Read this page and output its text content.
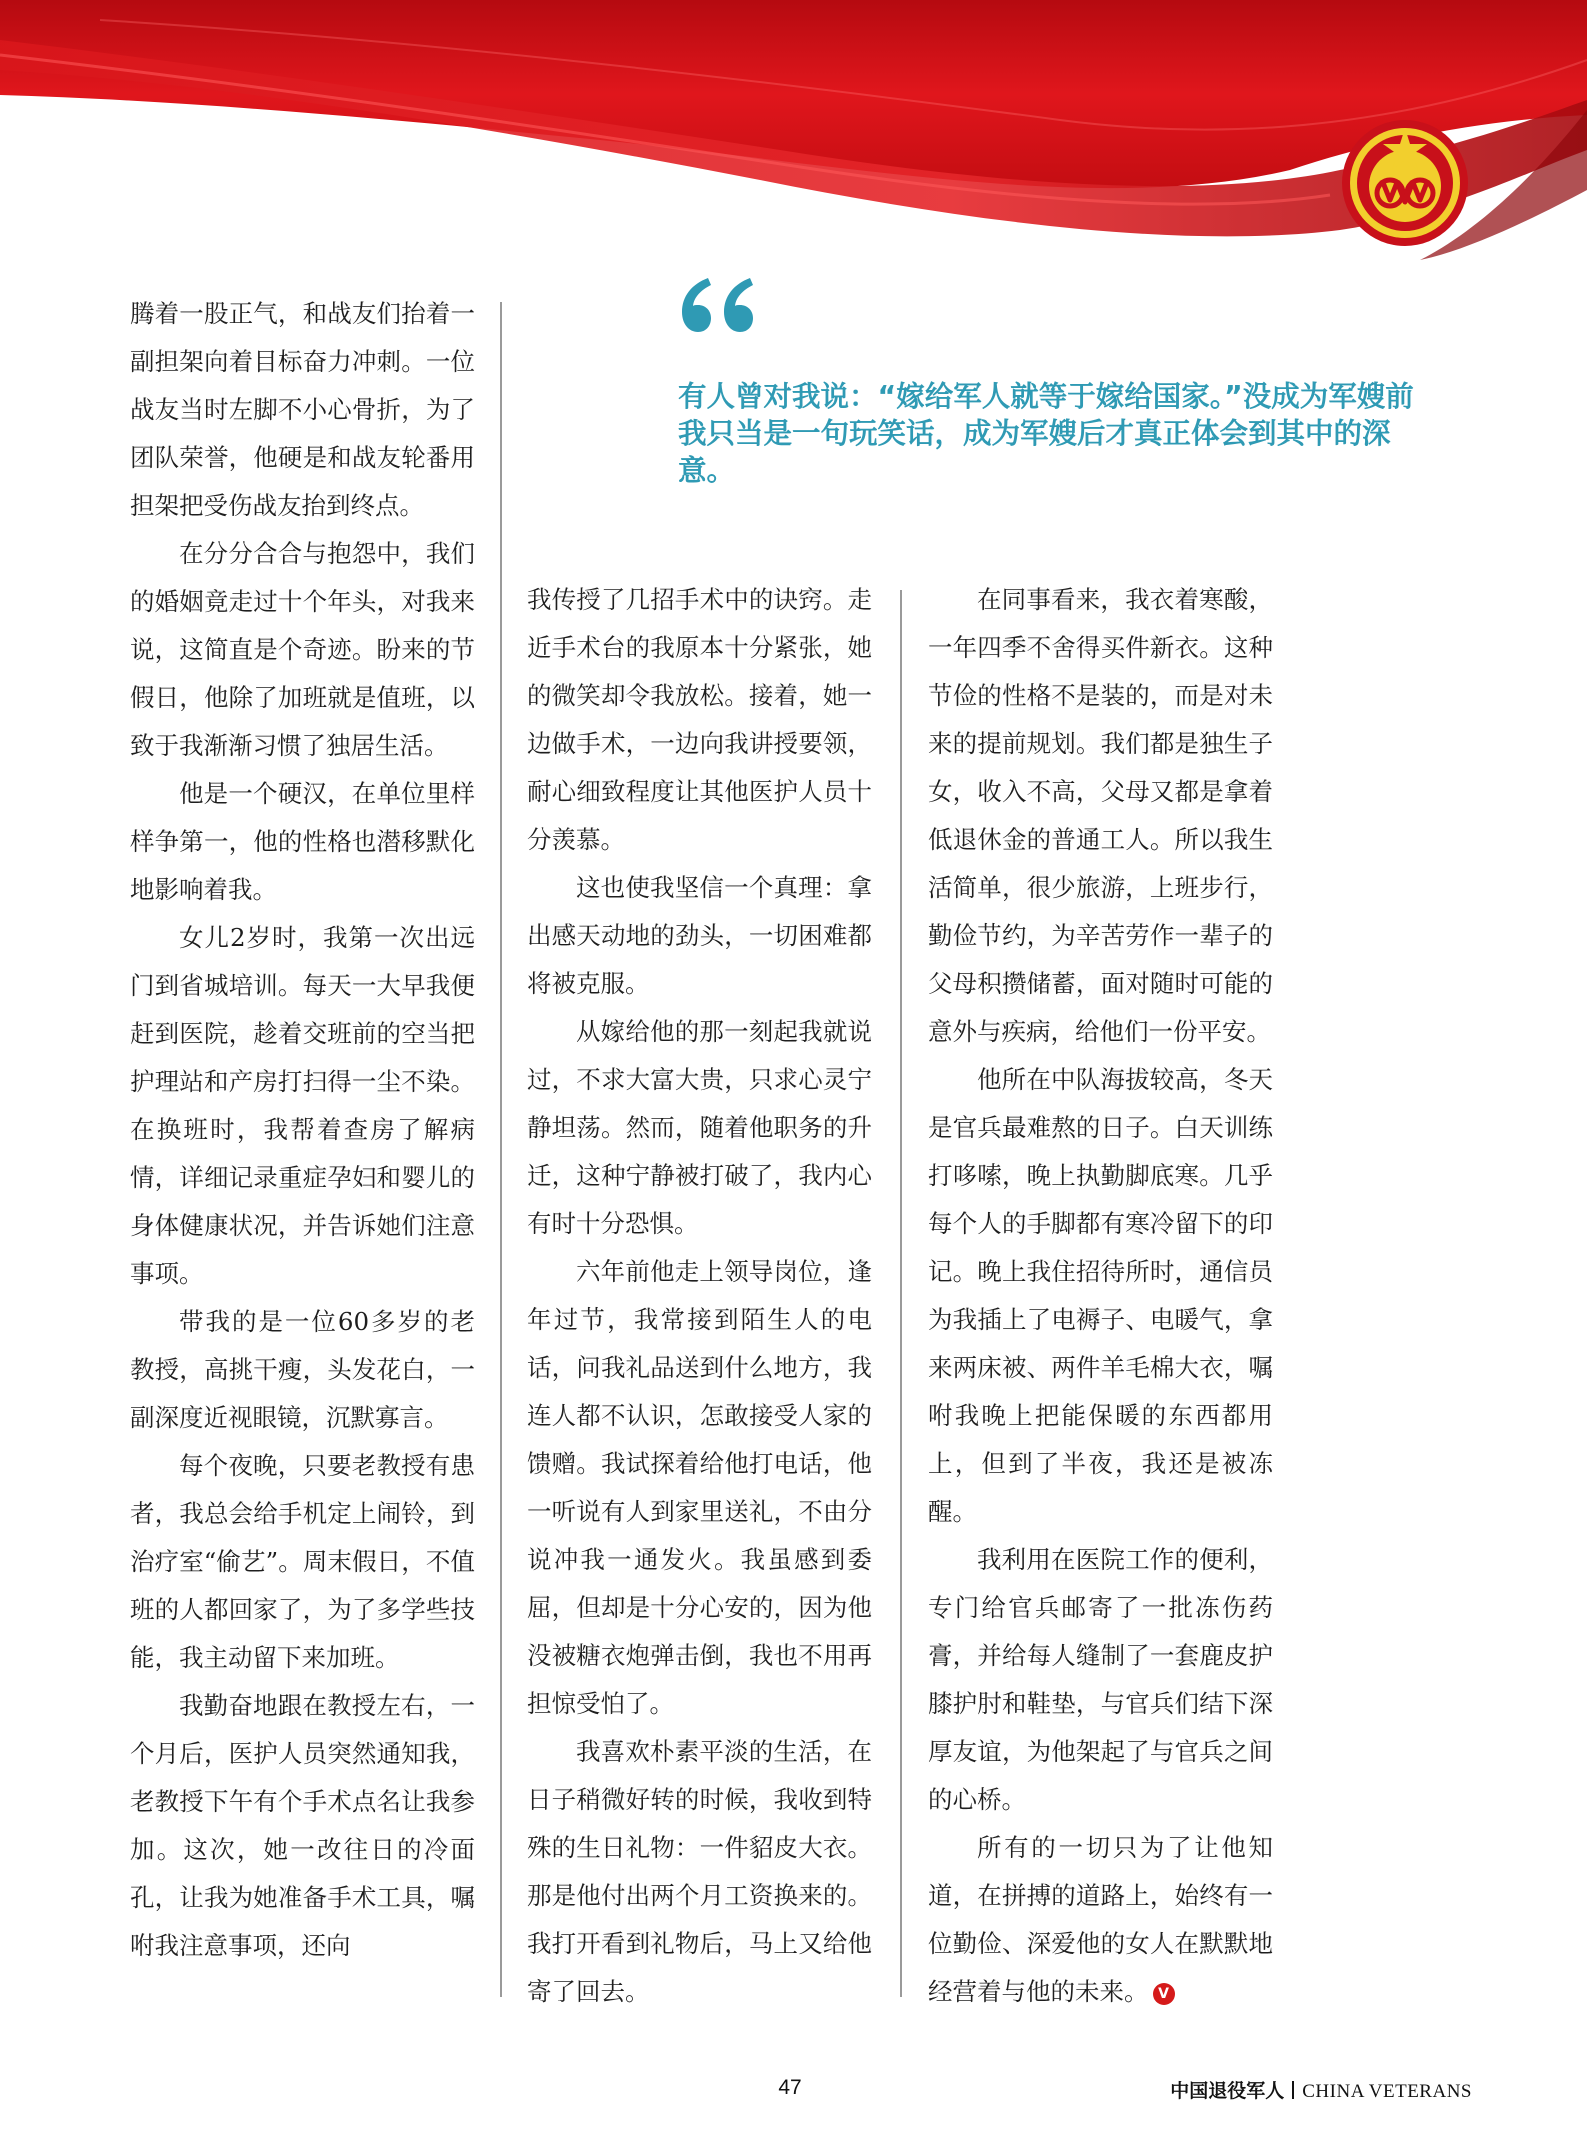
有人曾对我说：“嫁给军人就等于嫁给国家。”没成为军嫂前我只当是一句玩笑话，成为军嫂后才真正体会到其中的深意。

腾着一股正气，和战友们抬着一副担架向着目标奋力冲刺。一位战友当时左脚不小心骨折，为了团队荣誉，他硬是和战友轮番用担架把受伤战友抬到终点。

在分分合合与抱怨中，我们的婚姻竟走过十个年头，对我来说，这简直是个奇迹。盼来的节假日，他除了加班就是值班，以致于我渐渐习惯了独居生活。

他是一个硬汉，在单位里样样争第一，他的性格也潜移默化地影响着我。

女儿2岁时，我第一次出远门到省城培训。每天一大早我便赶到医院，趁着交班前的空当把护理站和产房打扫得一尘不染。在换班时，我帮着查房了解病情，详细记录重症孕妇和婴儿的身体健康状况，并告诉她们注意事项。

带我的是一位60多岁的老教授，高挑干瘦，头发花白，一副深度近视眼镜，沉默寡言。

每个夜晚，只要老教授有患者，我总会给手机定上闹铃，到治疗室“偷艺”。周末假日，不值班的人都回家了，为了多学些技能，我主动留下来加班。

我勤奋地跟在教授左右，一个月后，医护人员突然通知我，老教授下午有个手术点名让我参加。这次，她一改往日的冷面孔，让我为她准备手术工具，嘱咐我注意事项，还向

我传授了几招手术中的诀窍。走近手术台的我原本十分紧张，她的微笑却令我放松。接着，她一边做手术，一边向我讲授要领，耐心细致程度让其他医护人员十分羡慕。

这也使我坚信一个真理：拿出感天动地的劲头，一切困难都将被克服。

从嫁给他的那一刻起我就说过，不求大富大贵，只求心灵宁静坦荡。然而，随着他职务的升迁，这种宁静被打破了，我内心有时十分恐惧。

六年前他走上领导岗位，逢年过节，我常接到陌生人的电话，问我礼品送到什么地方，我连人都不认识，怎敢接受人家的馈赠。我试探着给他打电话，他一听说有人到家里送礼，不由分说冲我一通发火。我虽感到委屈，但却是十分心安的，因为他没被糖衣炮弹击倒，我也不用再担惊受怕了。

我喜欢朴素平淡的生活，在日子稍微好转的时候，我收到特殊的生日礼物：一件貂皮大衣。那是他付出两个月工资换来的。我打开看到礼物后，马上又给他寄了回去。

在同事看来，我衣着寒酸，一年四季不舍得买件新衣。这种节俭的性格不是装的，而是对未来的提前规划。我们都是独生子女，收入不高，父母又都是拿着低退休金的普通工人。所以我生活简单，很少旅游，上班步行，勤俭节约，为辛苦劳作一辈子的父母积攒储蓄，面对随时可能的意外与疾病，给他们一份平安。

他所在中队海拔较高，冬天是官兵最难熬的日子。白天训练打哆嗦，晚上执勤脚底寒。几乎每个人的手脚都有寒冷留下的印记。晚上我住招待所时，通信员为我插上了电褥子、电暖气，拿来两床被、两件羊毛棉大衣，嘱咐我晚上把能保暖的东西都用上，但到了半夜，我还是被冻醒。

我利用在医院工作的便利，专门给官兵邮寄了一批冻伤药膏，并给每人缝制了一套鹿皮护膝护肘和鞋垫，与官兵们结下深厚友谊，为他架起了与官兵之间的心桥。

所有的一切只为了让他知道，在拼搏的道路上，始终有一位勤俭、深爱他的女人在默默地经营着与他的未来。 V

47	中国退役军人 CHINA VETERANS
